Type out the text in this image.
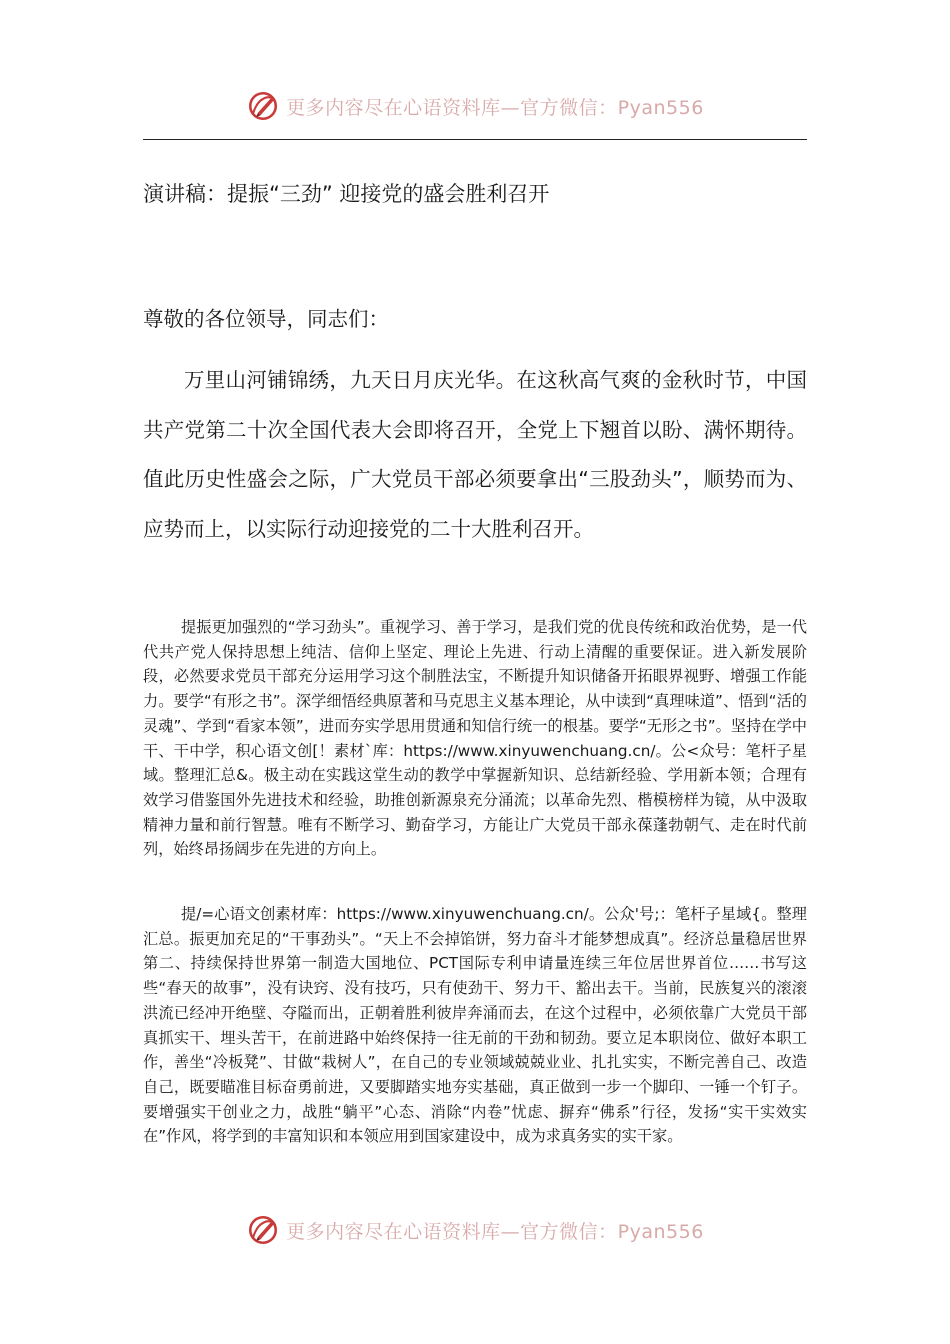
更多内容尽在心语资料库—官方微信：Pyan556
演讲稿：提振“三劲” 迎接党的盛会胜利召开
尊敬的各位领导，同志们：

万里山河铺锦绣，九天日月庆光华。在这秋高气爽的金秋时节，中国共产党第二十次全国代表大会即将召开，全党上下翘首以盼、满怀期待。值此历史性盛会之际，广大党员干部必须要拿出“三股劲头”，顺势而为、应势而上，以实际行动迎接党的二十大胜利召开。

提振更加强烈的“学习劲头”。重视学习、善于学习，是我们党的优良传统和政治优势，是一代代共产党人保持思想上纯洁、信仰上坚定、理论上先进、行动上清醒的重要保证。进入新发展阶段，必然要求党员干部充分运用学习这个制胜法宝，不断提升知识储备开拓眼界视野、增强工作能力。要学“有形之书”。深学细悟经典原著和马克思主义基本理论，从中读到“真理味道”、悟到“活的灵魂”、学到“看家本领”，进而夯实学思用贯通和知信行统一的根基。要学“无形之书”。坚持在学中干、干中学，积心语文创[！素材`库：https://www.xinyuwenchuang.cn/。公<众号：笔杆子星域。整理汇总&。极主动在实践这堂生动的教学中掌握新知识、总结新经验、学用新本领；合理有效学习借鉴国外先进技术和经验，助推创新源泉充分涌流；以革命先烈、楷模榜样为镜，从中汲取精神力量和前行智慧。唯有不断学习、勤奋学习，方能让广大党员干部永葆蓬勃朝气、走在时代前列，始终昂扬阔步在先进的方向上。

提/=心语文创素材库：https://www.xinyuwenchuang.cn/。公众'号;：笔杆子星域{。整理汇总。振更加充足的“干事劲头”。“天上不会掉馅饼，努力奋斗才能梦想成真”。经济总量稳居世界第二、持续保持世界第一制造大国地位、PCT国际专利申请量连续三年位居世界首位……书写这些“春天的故事”，没有诀窍、没有技巧，只有使劲干、努力干、豁出去干。当前，民族复兴的滚滚洪流已经冲开绝壁、夺隘而出，正朝着胜利彼岸奔涌而去，在这个过程中，必须依靠广大党员干部真抓实干、埋头苦干，在前进路中始终保持一往无前的干劲和韧劲。要立足本职岗位、做好本职工作，善坐“冷板凳”、甘做“栽树人”，在自己的专业领域兢兢业业、扎扎实实，不断完善自己、改造自己，既要瞄准目标奋勇前进，又要脚踏实地夯实基础，真正做到一步一个脚印、一锤一个钉子。要增强实干创业之力，战胜“躺平”心态、消除“内卷”忧虑、摒弃“佛系”行径，发扬“实干实效实在”作风，将学到的丰富知识和本领应用到国家建设中，成为求真务实的实干家。

更多内容尽在心语资料库—官方微信：Pyan556
